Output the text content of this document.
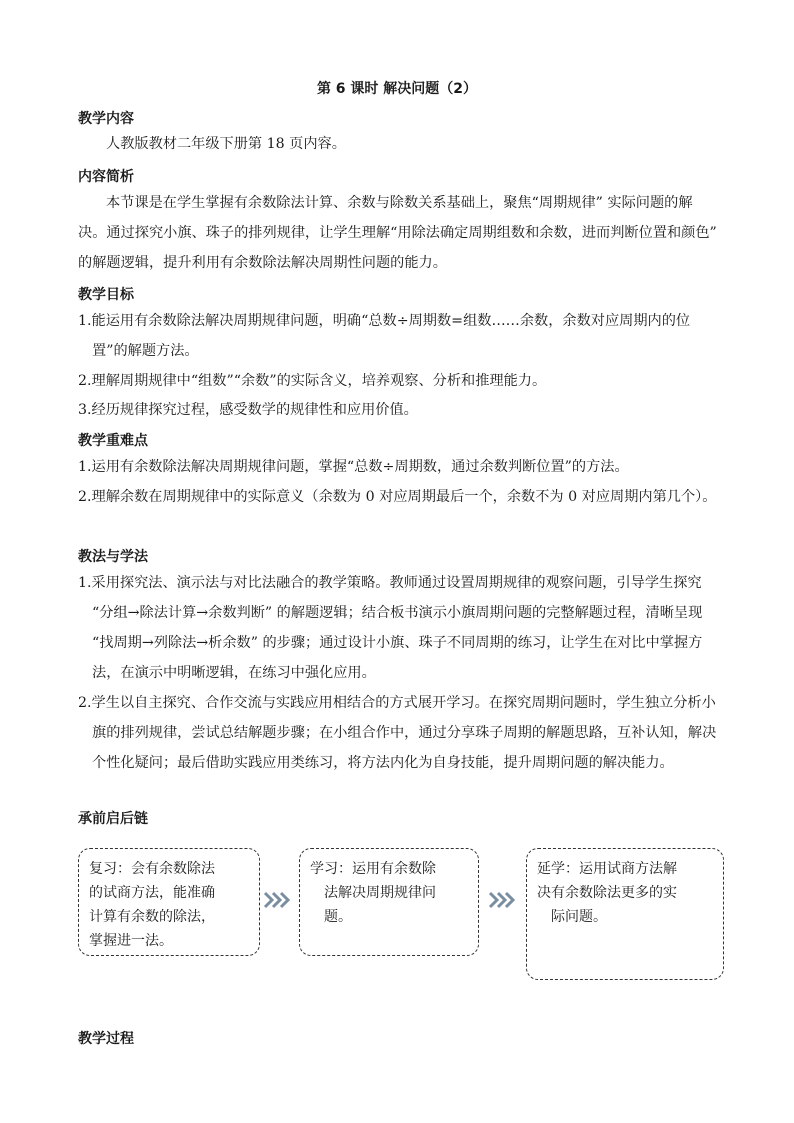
第 6 课时 解决问题（2）
教学内容
人教版教材二年级下册第 18 页内容。
内容简析
本节课是在学生掌握有余数除法计算、余数与除数关系基础上，聚焦“周期规律” 实际问题的解决。通过探究小旗、珠子的排列规律，让学生理解“用除法确定周期组数和余数，进而判断位置和颜色” 的解题逻辑，提升利用有余数除法解决周期性问题的能力。
教学目标
1.能运用有余数除法解决周期规律问题，明确“总数÷周期数=组数……余数，余数对应周期内的位置”的解题方法。
2.理解周期规律中“组数”“余数”的实际含义，培养观察、分析和推理能力。
3.经历规律探究过程，感受数学的规律性和应用价值。
教学重难点
1.运用有余数除法解决周期规律问题，掌握“总数÷周期数，通过余数判断位置”的方法。
2.理解余数在周期规律中的实际意义（余数为 0 对应周期最后一个，余数不为 0 对应周期内第几个）。
教法与学法
1.采用探究法、演示法与对比法融合的教学策略。教师通过设置周期规律的观察问题，引导学生探究 “分组→除法计算→余数判断” 的解题逻辑；结合板书演示小旗周期问题的完整解题过程，清晰呈现 “找周期→列除法→析余数” 的步骤；通过设计小旗、珠子不同周期的练习，让学生在对比中掌握方法，在演示中明晰逻辑，在练习中强化应用。
2.学生以自主探究、合作交流与实践应用相结合的方式展开学习。在探究周期问题时，学生独立分析小旗的排列规律，尝试总结解题步骤；在小组合作中，通过分享珠子周期的解题思路，互补认知，解决个性化疑问；最后借助实践应用类练习，将方法内化为自身技能，提升周期问题的解决能力。
承前启后链
复习：会有余数除法
的试商方法，能准确
计算有余数的除法，
掌握进一法。
学习：运用有余数除
法解决周期规律问
题。
延学：运用试商方法解
决有余数除法更多的实
际问题。
教学过程
